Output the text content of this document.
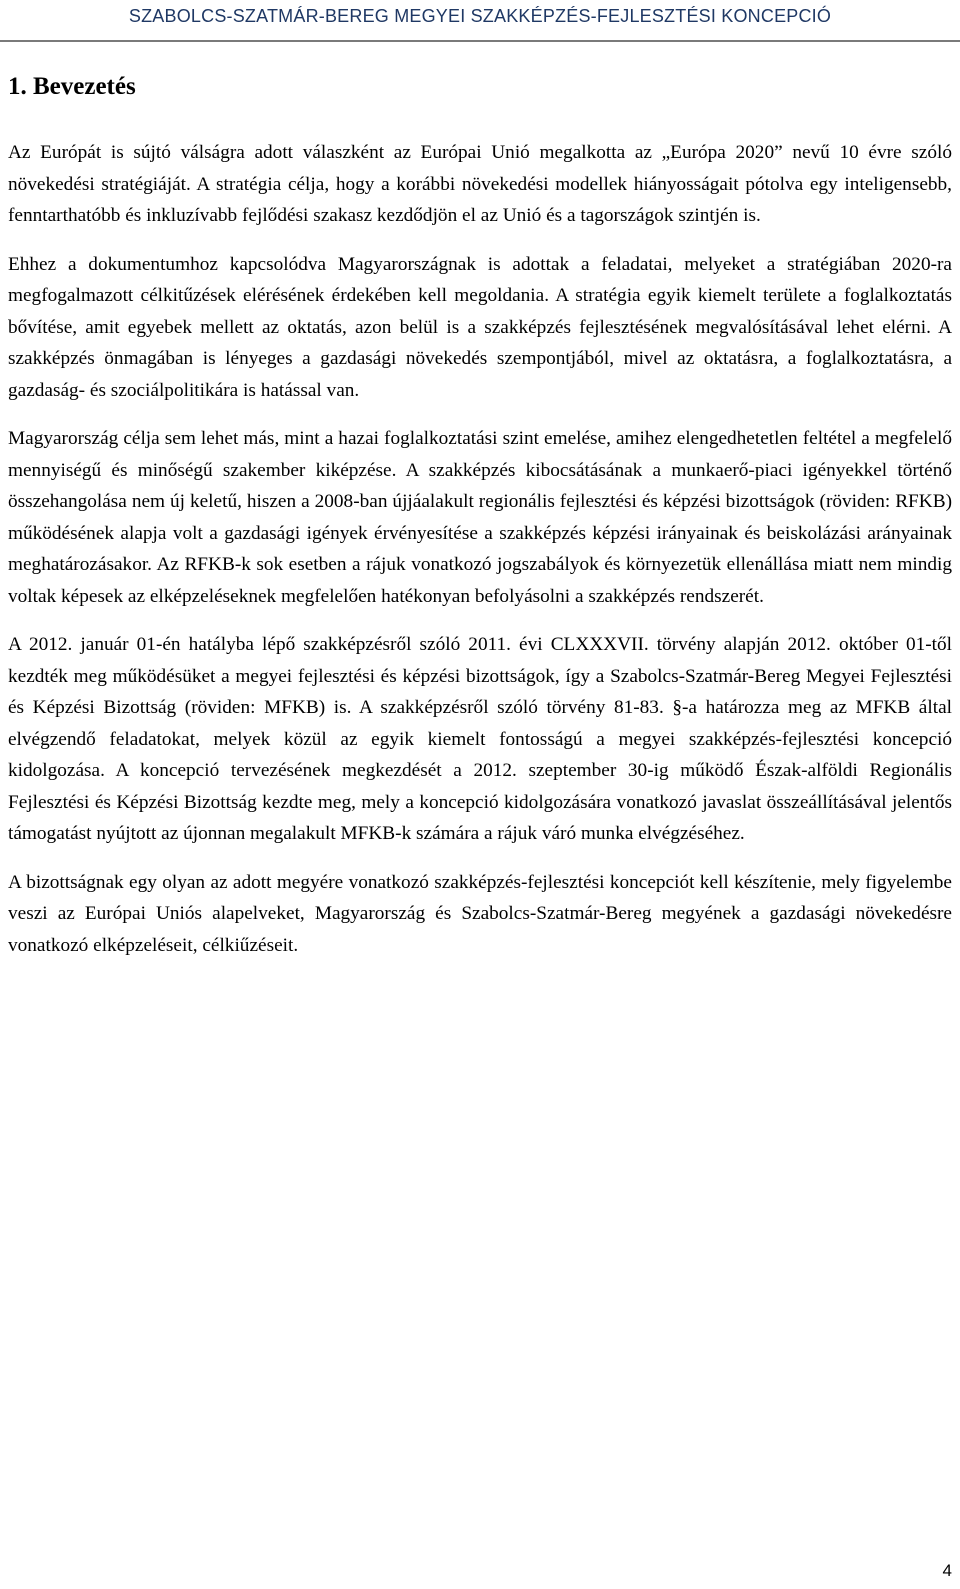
SZABOLCS-SZATMÁR-BEREG MEGYEI SZAKKÉPZÉS-FEJLESZTÉSI KONCEPCIÓ
1. Bevezetés

Az Európát is sújtó válságra adott válaszként az Európai Unió megalkotta az „Európa 2020” nevű 10 évre szóló növekedési stratégiáját. A stratégia célja, hogy a korábbi növekedési modellek hiányosságait pótolva egy inteligensebb, fenntarthatóbb és inkluzívabb fejlődési szakasz kezdődjön el az Unió és a tagországok szintjén is.

Ehhez a dokumentumhoz kapcsolódva Magyarországnak is adottak a feladatai, melyeket a stratégiában 2020-ra megfogalmazott célkitűzések elérésének érdekében kell megoldania. A stratégia egyik kiemelt területe a foglalkoztatás bővítése, amit egyebek mellett az oktatás, azon belül is a szakképzés fejlesztésének megvalósításával lehet elérni. A szakképzés önmagában is lényeges a gazdasági növekedés szempontjából, mivel az oktatásra, a foglalkoztatásra, a gazdaság- és szociálpolitikára is hatással van.

Magyarország célja sem lehet más, mint a hazai foglalkoztatási szint emelése, amihez elengedhetetlen feltétel a megfelelő mennyiségű és minőségű szakember kiképzése. A szakképzés kibocsátásának a munkaerő-piaci igényekkel történő összehangolása nem új keletű, hiszen a 2008-ban újjáalakult regionális fejlesztési és képzési bizottságok (röviden: RFKB) működésének alapja volt a gazdasági igények érvényesítése a szakképzés képzési irányainak és beiskolázási arányainak meghatározásakor. Az RFKB-k sok esetben a rájuk vonatkozó jogszabályok és környezetük ellenállása miatt nem mindig voltak képesek az elképzeléseknek megfelelően hatékonyan befolyásolni a szakképzés rendszerét.

A 2012. január 01-én hatályba lépő szakképzésről szóló 2011. évi CLXXXVII. törvény alapján 2012. október 01-től kezdték meg működésüket a megyei fejlesztési és képzési bizottságok, így a Szabolcs-Szatmár-Bereg Megyei Fejlesztési és Képzési Bizottság (röviden: MFKB) is. A szakképzésről szóló törvény 81-83. §-a határozza meg az MFKB által elvégzendő feladatokat, melyek közül az egyik kiemelt fontosságú a megyei szakképzés-fejlesztési koncepció kidolgozása. A koncepció tervezésének megkezdését a 2012. szeptember 30-ig működő Észak-alföldi Regionális Fejlesztési és Képzési Bizottság kezdte meg, mely a koncepció kidolgozására vonatkozó javaslat összeállításával jelentős támogatást nyújtott az újonnan megalakult MFKB-k számára a rájuk váró munka elvégzéséhez.

A bizottságnak egy olyan az adott megyére vonatkozó szakképzés-fejlesztési koncepciót kell készítenie, mely figyelembe veszi az Európai Uniós alapelveket, Magyarország és Szabolcs-Szatmár-Bereg megyének a gazdasági növekedésre vonatkozó elképzeléseit, célkiűzéseit.

4
